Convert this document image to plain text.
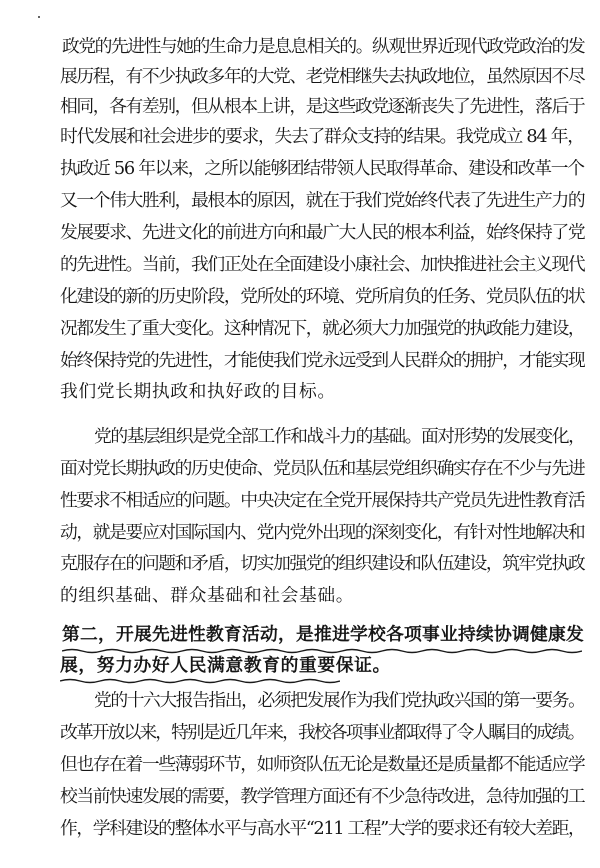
政党的先进性与她的生命力是息息相关的。纵观世界近现代政党政治的发
展历程，有不少执政多年的大党、老党相继失去执政地位，虽然原因不尽
相同，各有差别，但从根本上讲，是这些政党逐渐丧失了先进性，落后于
时代发展和社会进步的要求，失去了群众支持的结果。我党成立 84 年，
执政近 56 年以来，之所以能够团结带领人民取得革命、建设和改革一个
又一个伟大胜利，最根本的原因，就在于我们党始终代表了先进生产力的
发展要求、先进文化的前进方向和最广大人民的根本利益，始终保持了党
的先进性。当前，我们正处在全面建设小康社会、加快推进社会主义现代
化建设的新的历史阶段，党所处的环境、党所肩负的任务、党员队伍的状
况都发生了重大变化。这种情况下，就必须大力加强党的执政能力建设，
始终保持党的先进性，才能使我们党永远受到人民群众的拥护，才能实现
我们党长期执政和执好政的目标。
党的基层组织是党全部工作和战斗力的基础。面对形势的发展变化，
面对党长期执政的历史使命、党员队伍和基层党组织确实存在不少与先进
性要求不相适应的问题。中央决定在全党开展保持共产党员先进性教育活
动，就是要应对国际国内、党内党外出现的深刻变化，有针对性地解决和
克服存在的问题和矛盾，切实加强党的组织建设和队伍建设，筑牢党执政
的组织基础、群众基础和社会基础。
第二，开展先进性教育活动，是推进学校各项事业持续协调健康发
展，努力办好人民满意教育的重要保证。
党的十六大报告指出，必须把发展作为我们党执政兴国的第一要务。
改革开放以来，特别是近几年来，我校各项事业都取得了令人瞩目的成绩。
但也存在着一些薄弱环节，如师资队伍无论是数量还是质量都不能适应学
校当前快速发展的需要，教学管理方面还有不少急待改进，急待加强的工
作，学科建设的整体水平与高水平“211 工程”大学的要求还有较大差距，
